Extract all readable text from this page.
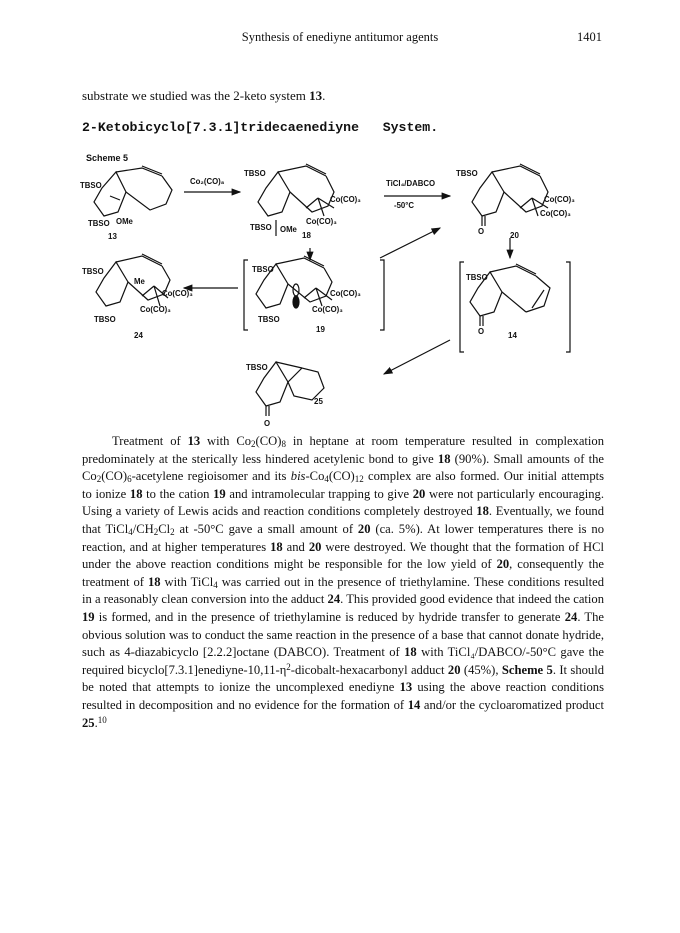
Synthesis of enediyne antitumor agents	1401
substrate we studied was the 2-keto system 13.
2-Ketobicyclo[7.3.1]tridecaenediyne   System.
Scheme 5
TBSO
OMe
TBSO
13
Co₂(CO)₈
TBSO
Co(CO)₃
Co(CO)₃
TBSO OMe
18
TiCl₄/DABCO
-50°C
TBSO
Co(CO)₃
Co(CO)₃
O	20
TBSO
Me
Co(CO)₃
Co(CO)₃
TBSO
24
TBSO
Co(CO)₃
Co(CO)₃
TBSO
19
TBSO
O	14
TBSO
O
25

Treatment of 13 with $Co_2(CO)_8$ in heptane at room temperature resulted in complexation predominately at the sterically less hindered acetylenic bond to give 18 (90%). Small amounts of the $Co_2(CO)_6$-acetylene regioisomer and its bis-$Co_4(CO)_{12}$ complex are also formed. Our initial attempts to ionize 18 to the cation 19 and intramolecular trapping to give 20 were not particularly encouraging. Using a variety of Lewis acids and reaction conditions completely destroyed 18. Eventually, we found that $TiCl_4/CH_2Cl_2$ at -50°C gave a small amount of 20 (ca. 5%). At lower temperatures there is no reaction, and at higher temperatures 18 and 20 were destroyed. We thought that the formation of HCl under the above reaction conditions might be responsible for the low yield of 20, consequently the treatment of 18 with TiCl$_4$ was carried out in the presence of triethylamine. These conditions resulted in a reasonably clean conversion into the adduct 24. This provided good evidence that indeed the cation 19 is formed, and in the presence of triethylamine is reduced by hydride transfer to generate 24. The obvious solution was to conduct the same reaction in the presence of a base that cannot donate hydride, such as 4-diazabicyclo [2.2.2]octane (DABCO). Treatment of 18 with TiCl₄/DABCO/-50°C gave the required $bicyclo[7.3.1]enediyne-10,11-\eta^2-dicobalt$-hexacarbonyl adduct 20 (45%), Scheme 5. It should be noted that attempts to ionize the uncomplexed enediyne 13 using the above reaction conditions resulted in decomposition and no evidence for the formation of 14 and/or the cycloaromatized product 25.10
